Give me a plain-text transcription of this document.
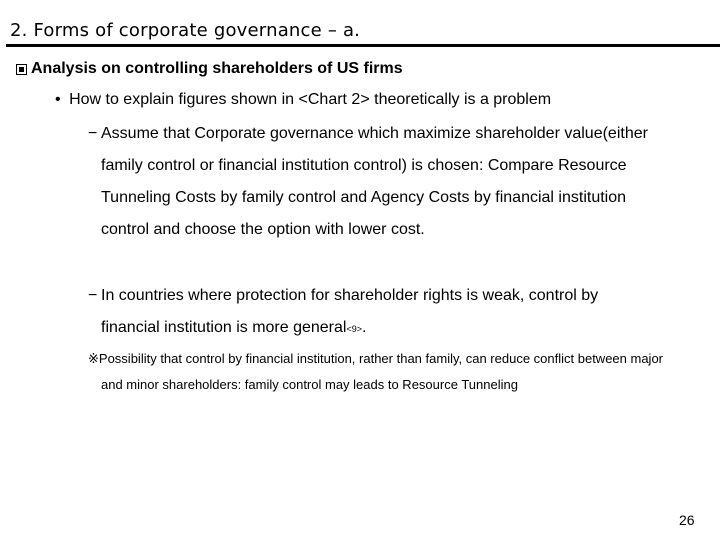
2. Forms of corporate governance – a.
Analysis on controlling shareholders of US firms
• How to explain figures shown in <Chart 2> theoretically is a problem
− Assume that Corporate governance which maximize shareholder value(either
family control or financial institution control) is chosen: Compare Resource
Tunneling Costs by family control and Agency Costs by financial institution
control and choose the option with lower cost.
− In countries where protection for shareholder rights is weak, control by
financial institution is more general<9>.
※Possibility that control by financial institution, rather than family, can reduce conflict between major
and minor shareholders: family control may leads to Resource Tunneling
26
